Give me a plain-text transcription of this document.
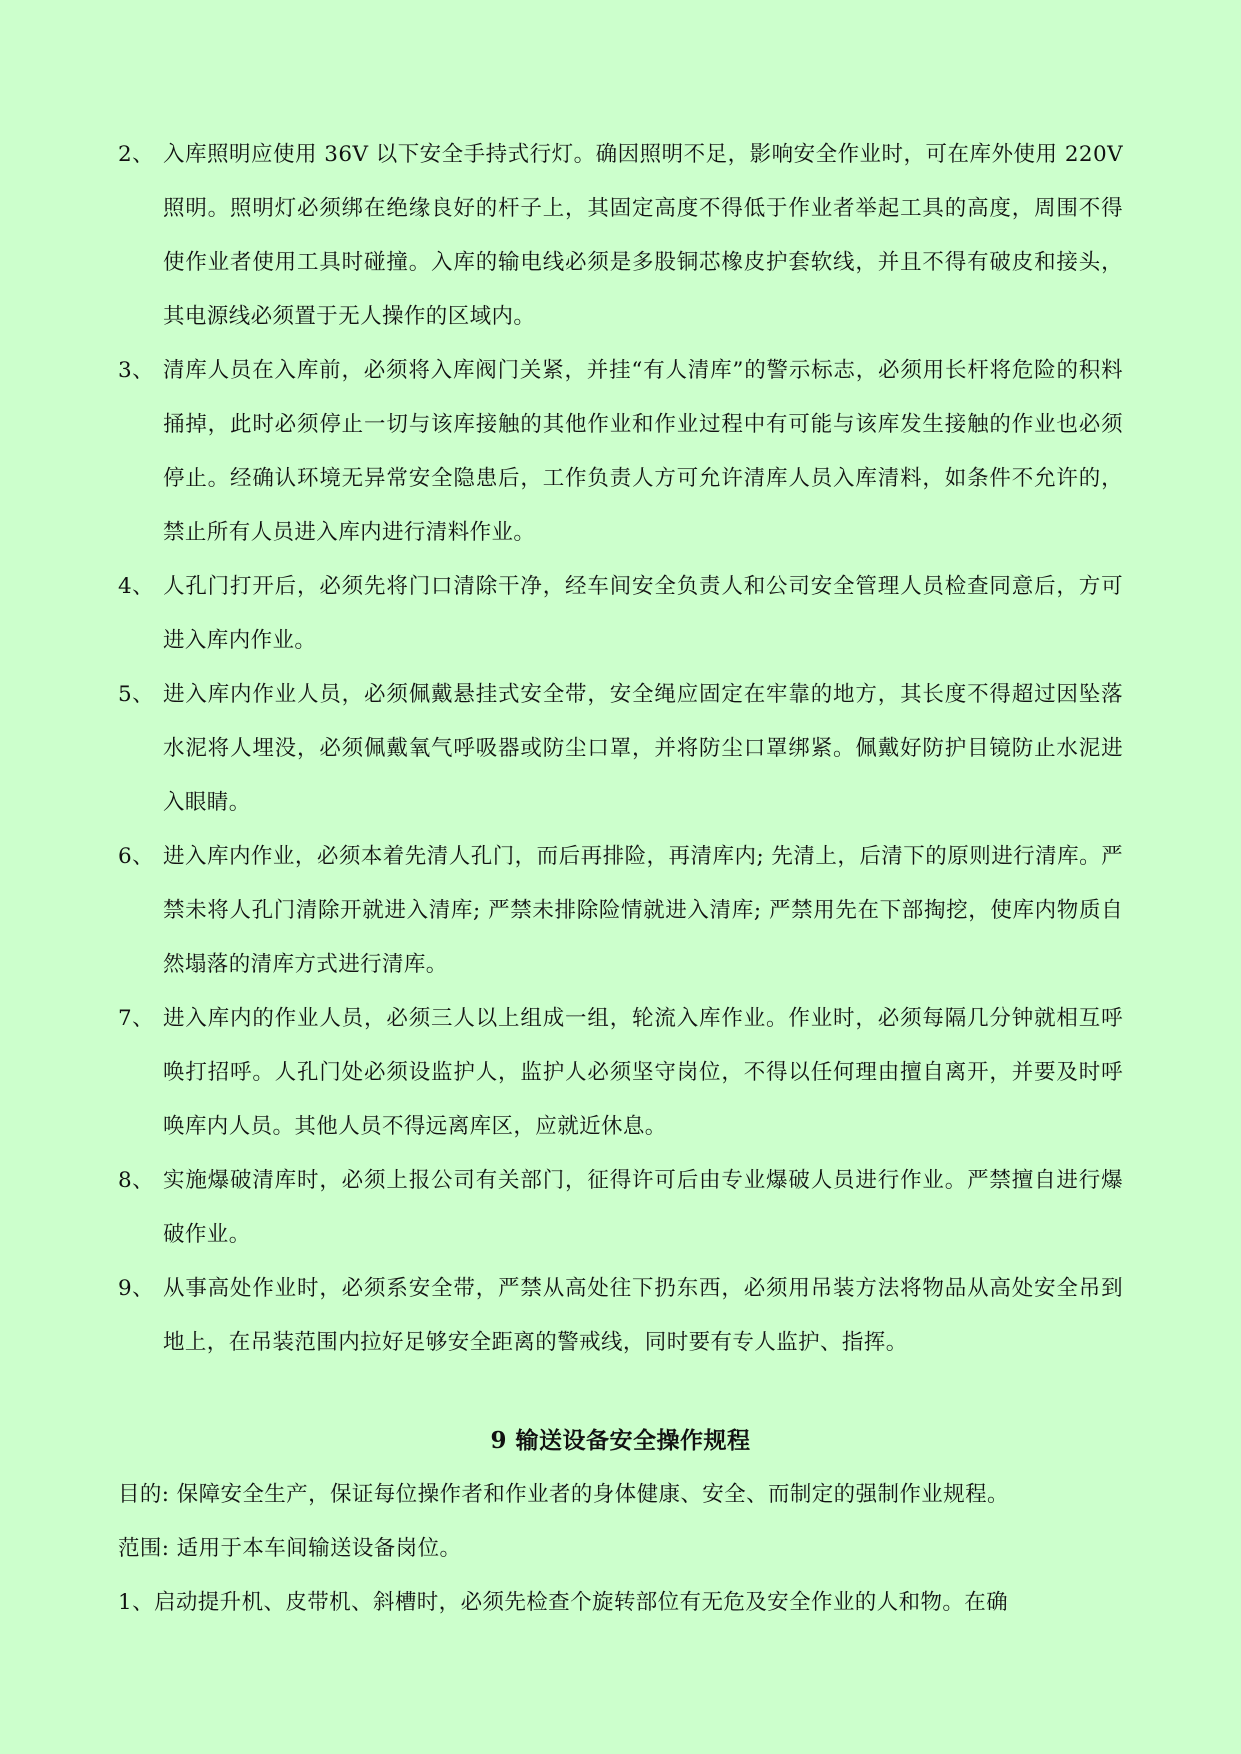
2、 入库照明应使用 36V 以下安全手持式行灯。确因照明不足，影响安全作业时，可在库外使用 220V 照明。照明灯必须绑在绝缘良好的杆子上，其固定高度不得低于作业者举起工具的高度，周围不得使作业者使用工具时碰撞。入库的输电线必须是多股铜芯橡皮护套软线，并且不得有破皮和接头，其电源线必须置于无人操作的区域内。
3、 清库人员在入库前，必须将入库阀门关紧，并挂“有人清库”的警示标志，必须用长杆将危险的积料捅掉，此时必须停止一切与该库接触的其他作业和作业过程中有可能与该库发生接触的作业也必须停止。经确认环境无异常安全隐患后，工作负责人方可允许清库人员入库清料，如条件不允许的，禁止所有人员进入库内进行清料作业。
4、 人孔门打开后，必须先将门口清除干净，经车间安全负责人和公司安全管理人员检查同意后，方可进入库内作业。
5、 进入库内作业人员，必须佩戴悬挂式安全带，安全绳应固定在牢靠的地方，其长度不得超过因坠落水泥将人埋没，必须佩戴氧气呼吸器或防尘口罩，并将防尘口罩绑紧。佩戴好防护目镜防止水泥进入眼睛。
6、 进入库内作业，必须本着先清人孔门，而后再排险，再清库内; 先清上，后清下的原则进行清库。严禁未将人孔门清除开就进入清库; 严禁未排除险情就进入清库; 严禁用先在下部掏挖，使库内物质自然塌落的清库方式进行清库。
7、 进入库内的作业人员，必须三人以上组成一组，轮流入库作业。作业时，必须每隔几分钟就相互呼唤打招呼。人孔门处必须设监护人，监护人必须坚守岗位，不得以任何理由擅自离开，并要及时呼唤库内人员。其他人员不得远离库区，应就近休息。
8、 实施爆破清库时，必须上报公司有关部门，征得许可后由专业爆破人员进行作业。严禁擅自进行爆破作业。
9、 从事高处作业时，必须系安全带，严禁从高处往下扔东西，必须用吊装方法将物品从高处安全吊到地上，在吊装范围内拉好足够安全距离的警戒线，同时要有专人监护、指挥。
9 输送设备安全操作规程
目的: 保障安全生产，保证每位操作者和作业者的身体健康、安全、而制定的强制作业规程。
范围: 适用于本车间输送设备岗位。
1、启动提升机、皮带机、斜槽时，必须先检查个旋转部位有无危及安全作业的人和物。在确
